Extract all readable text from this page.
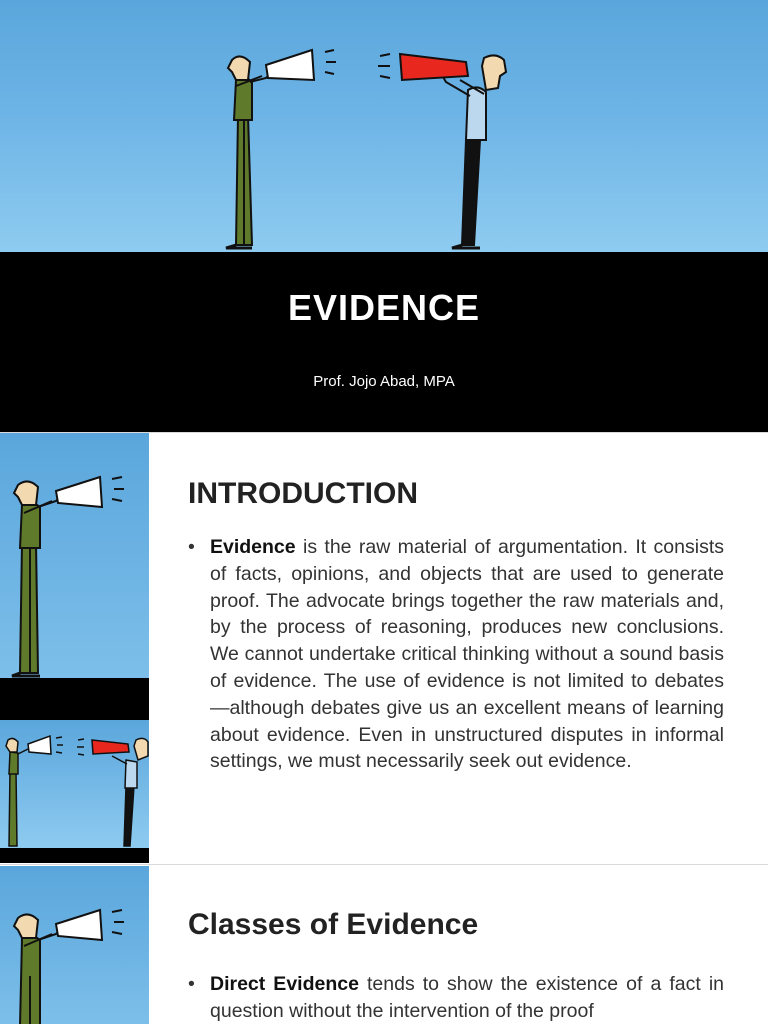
EVIDENCE
Prof. Jojo Abad, MPA
INTRODUCTION
• Evidence is the raw material of argumentation. It consists of facts, opinions, and objects that are used to generate proof. The advocate brings together the raw materials and, by the process of reasoning, produces new conclusions. We cannot undertake critical thinking without a sound basis of evidence. The use of evidence is not limited to debates—although debates give us an excellent means of learning about evidence. Even in unstructured disputes in informal settings, we must necessarily seek out evidence.
Classes of Evidence
• Direct Evidence tends to show the existence of a fact in question without the intervention of the proof
